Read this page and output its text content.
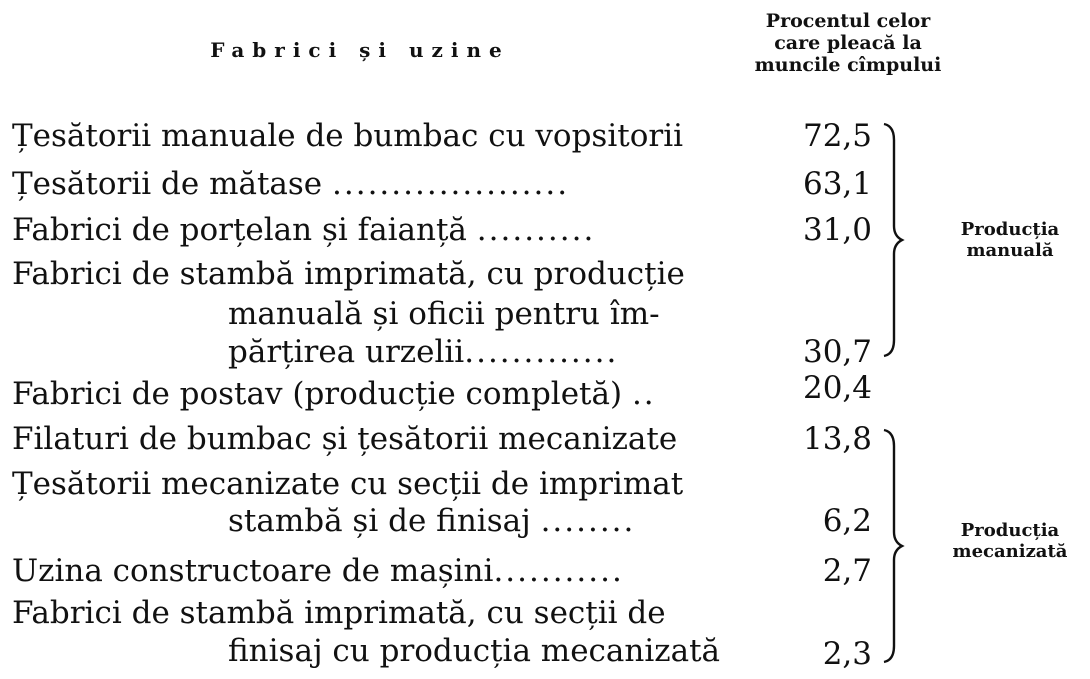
Fabrici și uzine
Procentul celor
care pleacă la
muncile cîmpului
Țesătorii manuale de bumbac cu vopsitorii	72,5
Țesătorii de mătase ....................	63,1
Fabrici de porțelan și faianță ..........	31,0
Fabrici de stambă imprimată, cu producție
manuală și oficii pentru îm-
părțirea urzelii.............	30,7
Fabrici de postav (producție completă) ..	20,4
Filaturi de bumbac și țesătorii mecanizate	13,8
Țesătorii mecanizate cu secții de imprimat
stambă și de finisaj ........	6,2
Uzina constructoare de mașini...........	2,7
Fabrici de stambă imprimată, cu secții de
finisaj cu producția mecanizată	2,3
Producția
manuală
Producția
mecanizată
